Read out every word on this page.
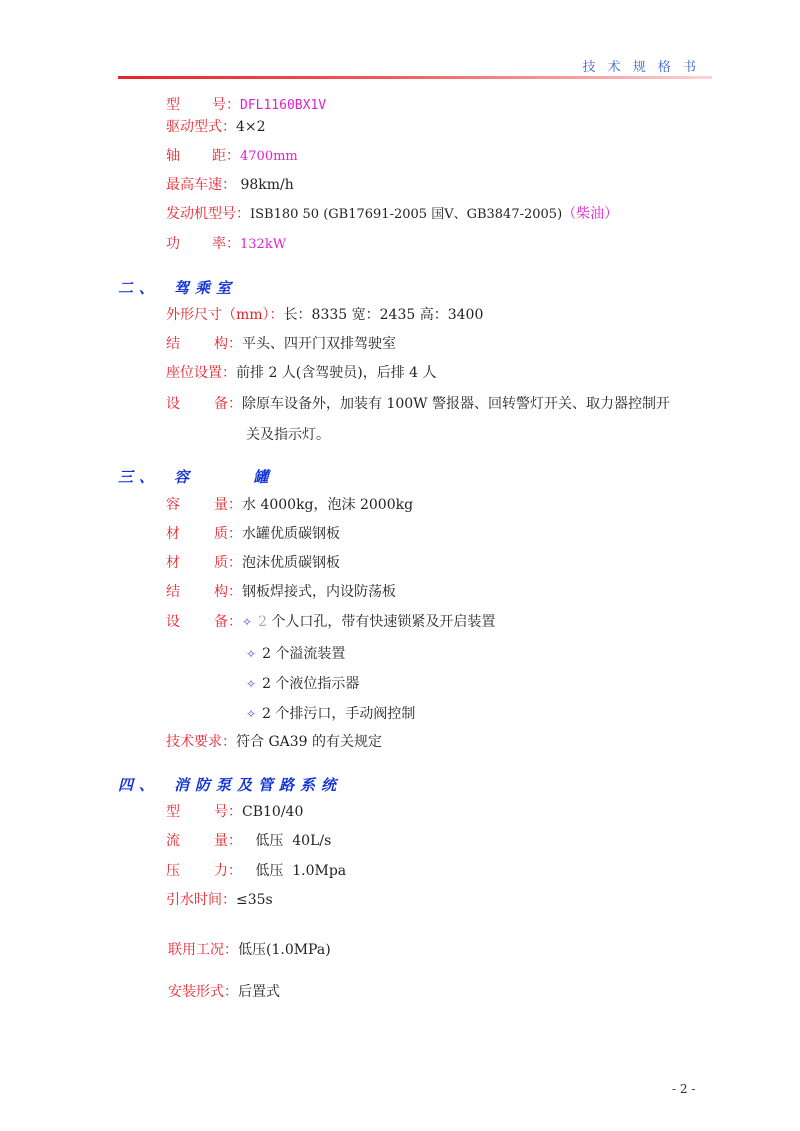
技 术 规 格 书
型 号： DFL1160BX1V
驱动型式：4×2
轴 距： 4700mm
最高车速： 98km/h
发动机型号：ISB180 50 (GB17691-2005 国Ⅴ、GB3847-2005)（柴油）
功 率： 132kW
二、 驾乘室
外形尺寸（mm）：长：8335 宽：2435 高：3400
结 构： 平头、四开门双排驾驶室
座位设置：前排 2 人(含驾驶员)，后排 4 人
设 备： 除原车设备外，加装有 100W 警报器、回转警灯开关、取力器控制开
关及指示灯。
三、 容  罐
容 量： 水 4000kg，泡沫 2000kg
材 质： 水罐优质碳钢板
材 质： 泡沫优质碳钢板
结 构： 钢板焊接式，内设防荡板
设 备： ✧ 2 个人口孔，带有快速锁紧及开启装置
✧ 2 个溢流装置
✧ 2 个液位指示器
✧ 2 个排污口，手动阀控制
技术要求：符合 GA39 的有关规定
四、 消防泵及管路系统
型 号： CB10/40
流 量： 低压  40L/s
压 力： 低压  1.0Mpa
引水时间：≤35s
联用工况：低压(1.0MPa)
安装形式：后置式
- 2 -
